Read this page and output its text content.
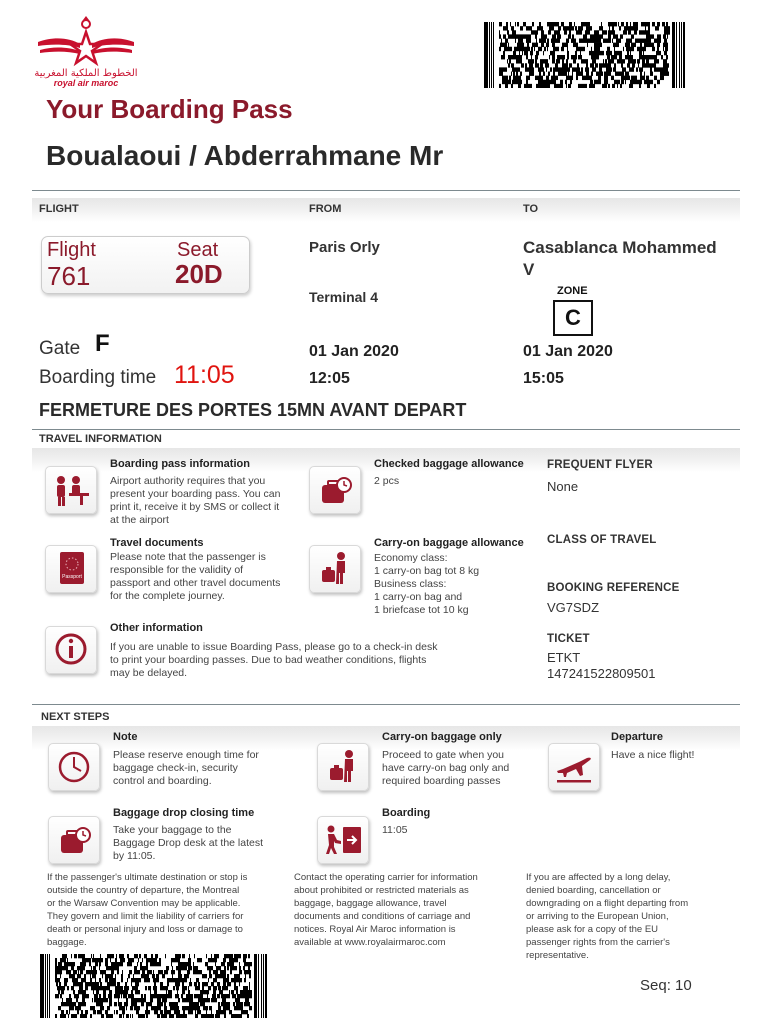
الخطوط الملكية المغربية
royal air maroc
Your Boarding Pass
Boualaoui / Abderrahmane Mr
FLIGHT	FROM	TO
Flight
761
Seat
20D
Gate F
Boarding time 11:05
Paris Orly
Terminal 4
01 Jan 2020
12:05
Casablanca Mohammed
V
ZONE
C
01 Jan 2020
15:05
FERMETURE DES PORTES 15MN AVANT DEPART
TRAVEL INFORMATION
Boarding pass information
Airport authority requires that you
present your boarding pass. You can
print it, receive it by SMS or collect it
at the airport
Checked baggage allowance
2 pcs
Passport
Travel documents
Please note that the passenger is
responsible for the validity of
passport and other travel documents
for the complete journey.
Carry-on baggage allowance
Economy class:
1 carry-on bag tot 8 kg
Business class:
1 carry-on bag and
1 briefcase tot 10 kg
Other information
If you are unable to issue Boarding Pass, please go to a check-in desk
to print your boarding passes. Due to bad weather conditions, flights
may be delayed.
FREQUENT FLYER
None
CLASS OF TRAVEL
BOOKING REFERENCE
VG7SDZ
TICKET
ETKT
147241522809501
NEXT STEPS
Note
Please reserve enough time for
baggage check-in, security
control and boarding.
Carry-on baggage only
Proceed to gate when you
have carry-on bag only and
required boarding passes
Departure
Have a nice flight!
Baggage drop closing time
Take your baggage to the
Baggage Drop desk at the latest
by 11:05.
Boarding
11:05
If the passenger's ultimate destination or stop is
outside the country of departure, the Montreal
or the Warsaw Convention may be applicable.
They govern and limit the liability of carriers for
death or personal injury and loss or damage to
baggage.
Contact the operating carrier for information
about prohibited or restricted materials as
baggage, baggage allowance, travel
documents and conditions of carriage and
notices. Royal Air Maroc information is
available at www.royalairmaroc.com
If you are affected by a long delay,
denied boarding, cancellation or
downgrading on a flight departing from
or arriving to the European Union,
please ask for a copy of the EU
passenger rights from the carrier's
representative.
Seq: 10
